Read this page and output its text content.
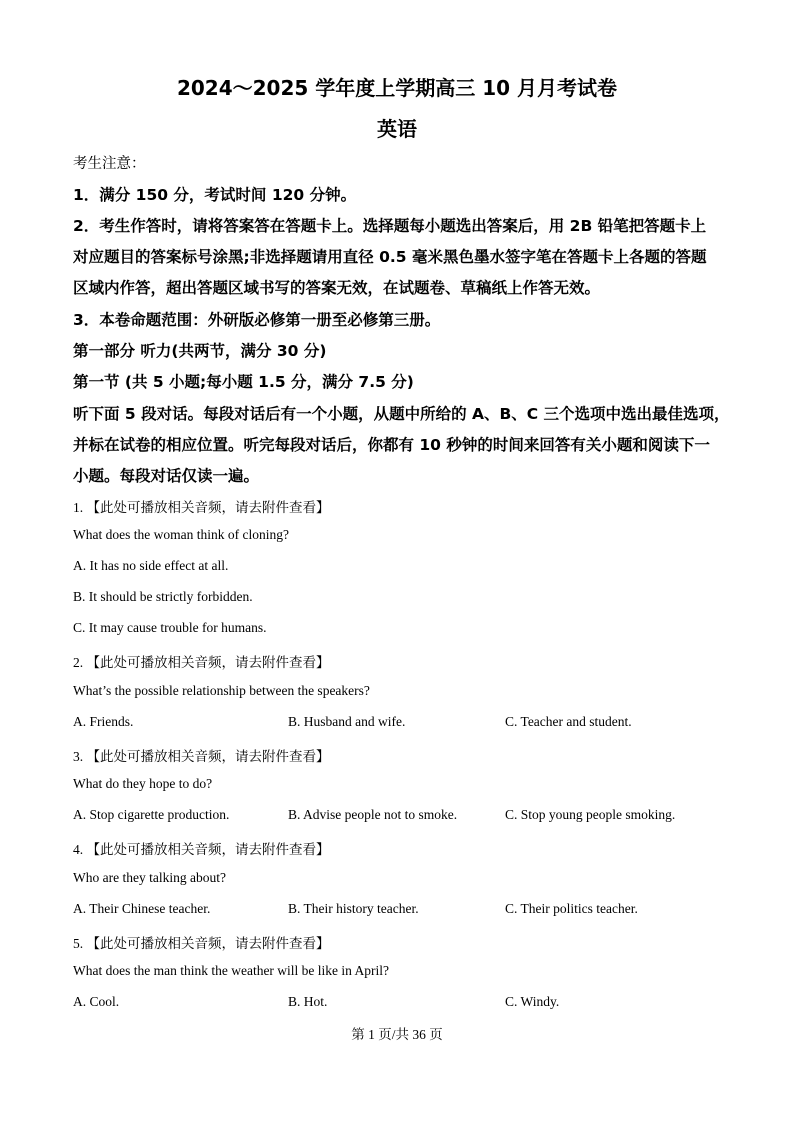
2024～2025 学年度上学期高三 10 月月考试卷
英语
考生注意：
1．满分 150 分，考试时间 120 分钟。
2．考生作答时，请将答案答在答题卡上。选择题每小题选出答案后，用 2B 铅笔把答题卡上
对应题目的答案标号涂黑;非选择题请用直径 0.5 毫米黑色墨水签字笔在答题卡上各题的答题
区域内作答，超出答题区域书写的答案无效，在试题卷、草稿纸上作答无效。
3．本卷命题范围：外研版必修第一册至必修第三册。
第一部分 听力(共两节，满分 30 分)
第一节 (共 5 小题;每小题 1.5 分，满分 7.5 分)
听下面 5 段对话。每段对话后有一个小题，从题中所给的 A、B、C 三个选项中选出最佳选项，
并标在试卷的相应位置。听完每段对话后，你都有 10 秒钟的时间来回答有关小题和阅读下一
小题。每段对话仅读一遍。
1. 【此处可播放相关音频，请去附件查看】
What does the woman think of cloning?
A. It has no side effect at all.
B. It should be strictly forbidden.
C. It may cause trouble for humans.
2. 【此处可播放相关音频，请去附件查看】
What’s the possible relationship between the speakers?
A. Friends.	B. Husband and wife.	C. Teacher and student.
3. 【此处可播放相关音频，请去附件查看】
What do they hope to do?
A. Stop cigarette production.	B. Advise people not to smoke.	C. Stop young people smoking.
4. 【此处可播放相关音频，请去附件查看】
Who are they talking about?
A. Their Chinese teacher.	B. Their history teacher.	C. Their politics teacher.
5. 【此处可播放相关音频，请去附件查看】
What does the man think the weather will be like in April?
A. Cool.	B. Hot.	C. Windy.
第 1 页/共 36 页
